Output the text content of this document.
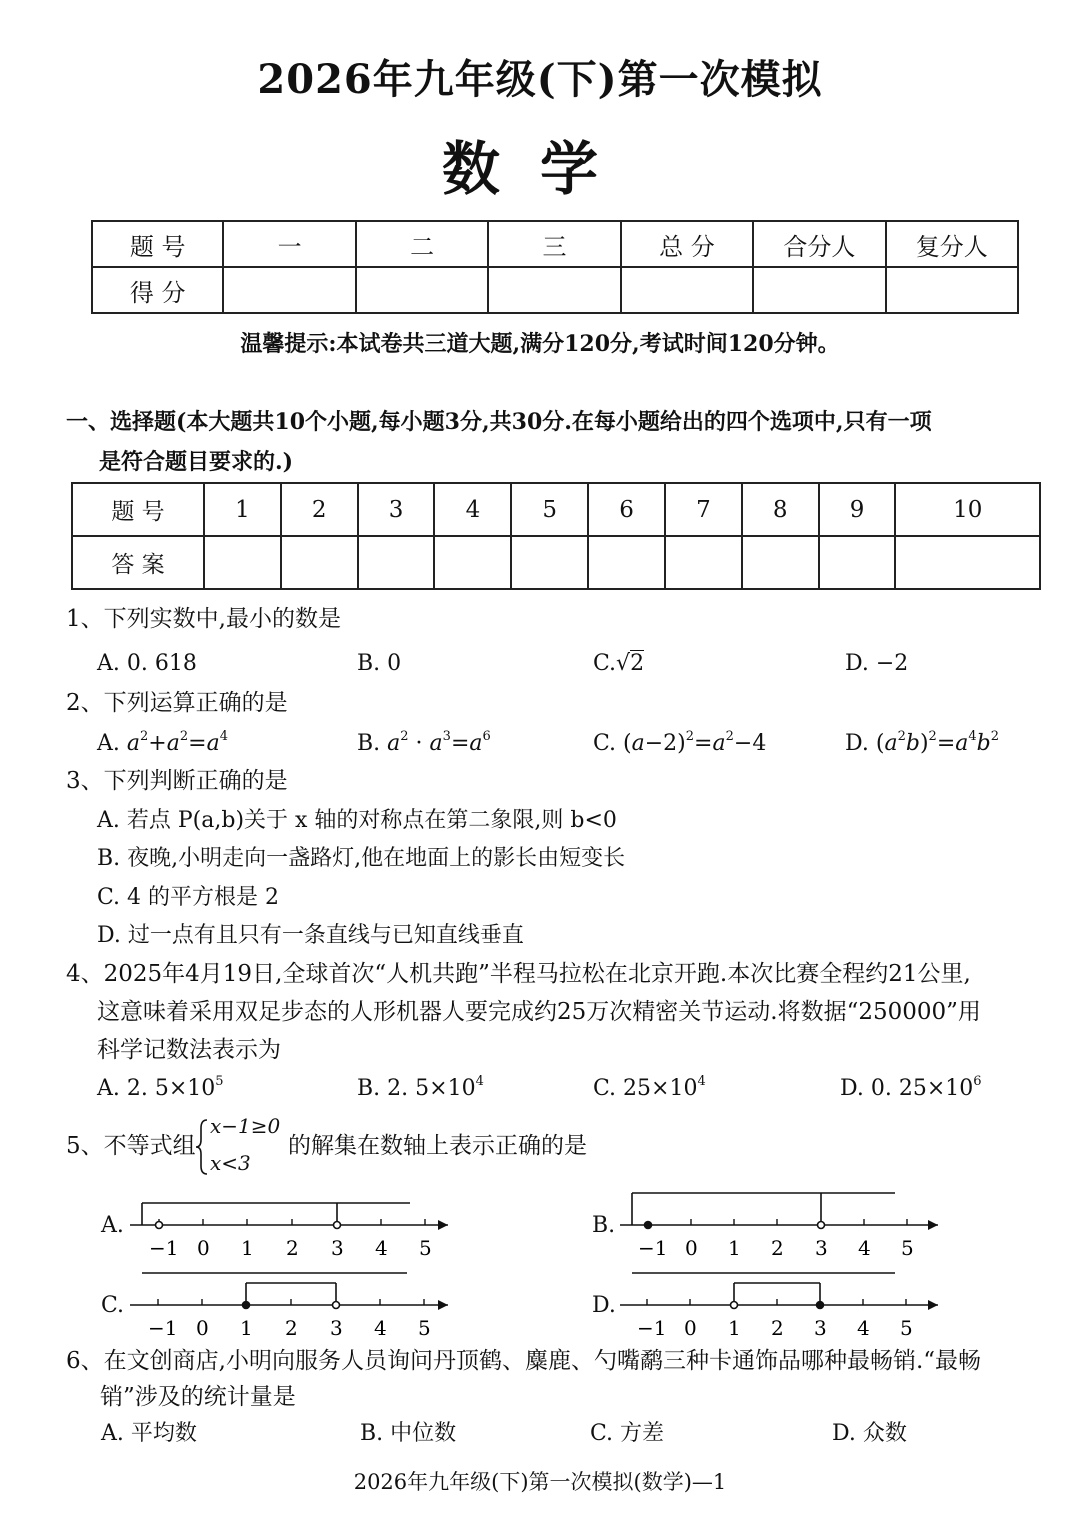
2026年九年级(下)第一次模拟
数学
题 号	一	二	三	总 分	合分人	复分人
得 分						
温馨提示:本试卷共三道大题,满分120分,考试时间120分钟。
一、选择题(本大题共10个小题,每小题3分,共30分.在每小题给出的四个选项中,只有一项
是符合题目要求的.)
题 号	1	2	3	4	5	6	7	8	9	10
答 案										
1、下列实数中,最小的数是
A. 0. 618	B. 0	C.√2	D. −2
2、下列运算正确的是
A. $a^2+a^2=a^4$	B. $a^2 \cdot a^3=a^6$	C. $(a-2)^2=a^2-4$	D. $(a^2b)^2=a^4b^2$
3、下列判断正确的是
A. 若点 P(a,b)关于 x 轴的对称点在第二象限,则 b<0
B. 夜晚,小明走向一盏路灯,他在地面上的影长由短变长
C. 4 的平方根是 2
D. 过一点有且只有一条直线与已知直线垂直
4、2025年4月19日,全球首次“人机共跑”半程马拉松在北京开跑.本次比赛全程约21公里,
这意味着采用双足步态的人形机器人要完成约25万次精密关节运动.将数据“250000”用
科学记数法表示为
A. 2. $5\times 10^5$	B. 2. $5\times 10^4$	C. $25\times 10^4$	D. 0. $25\times 10^6$
5、不等式组
x−1≥0
x<3
的解集在数轴上表示正确的是
A.	B.
C.	D.
−1 0 1 2 3 4 5	−1 0 1 2 3 4 5
−1 0 1 2 3 4 5	−1 0 1 2 3 4 5
6、在文创商店,小明向服务人员询问丹顶鹤、麋鹿、勺嘴鹬三种卡通饰品哪种最畅销.“最畅
销”涉及的统计量是
A. 平均数	B. 中位数	C. 方差	D. 众数
2026年九年级(下)第一次模拟(数学)—1
